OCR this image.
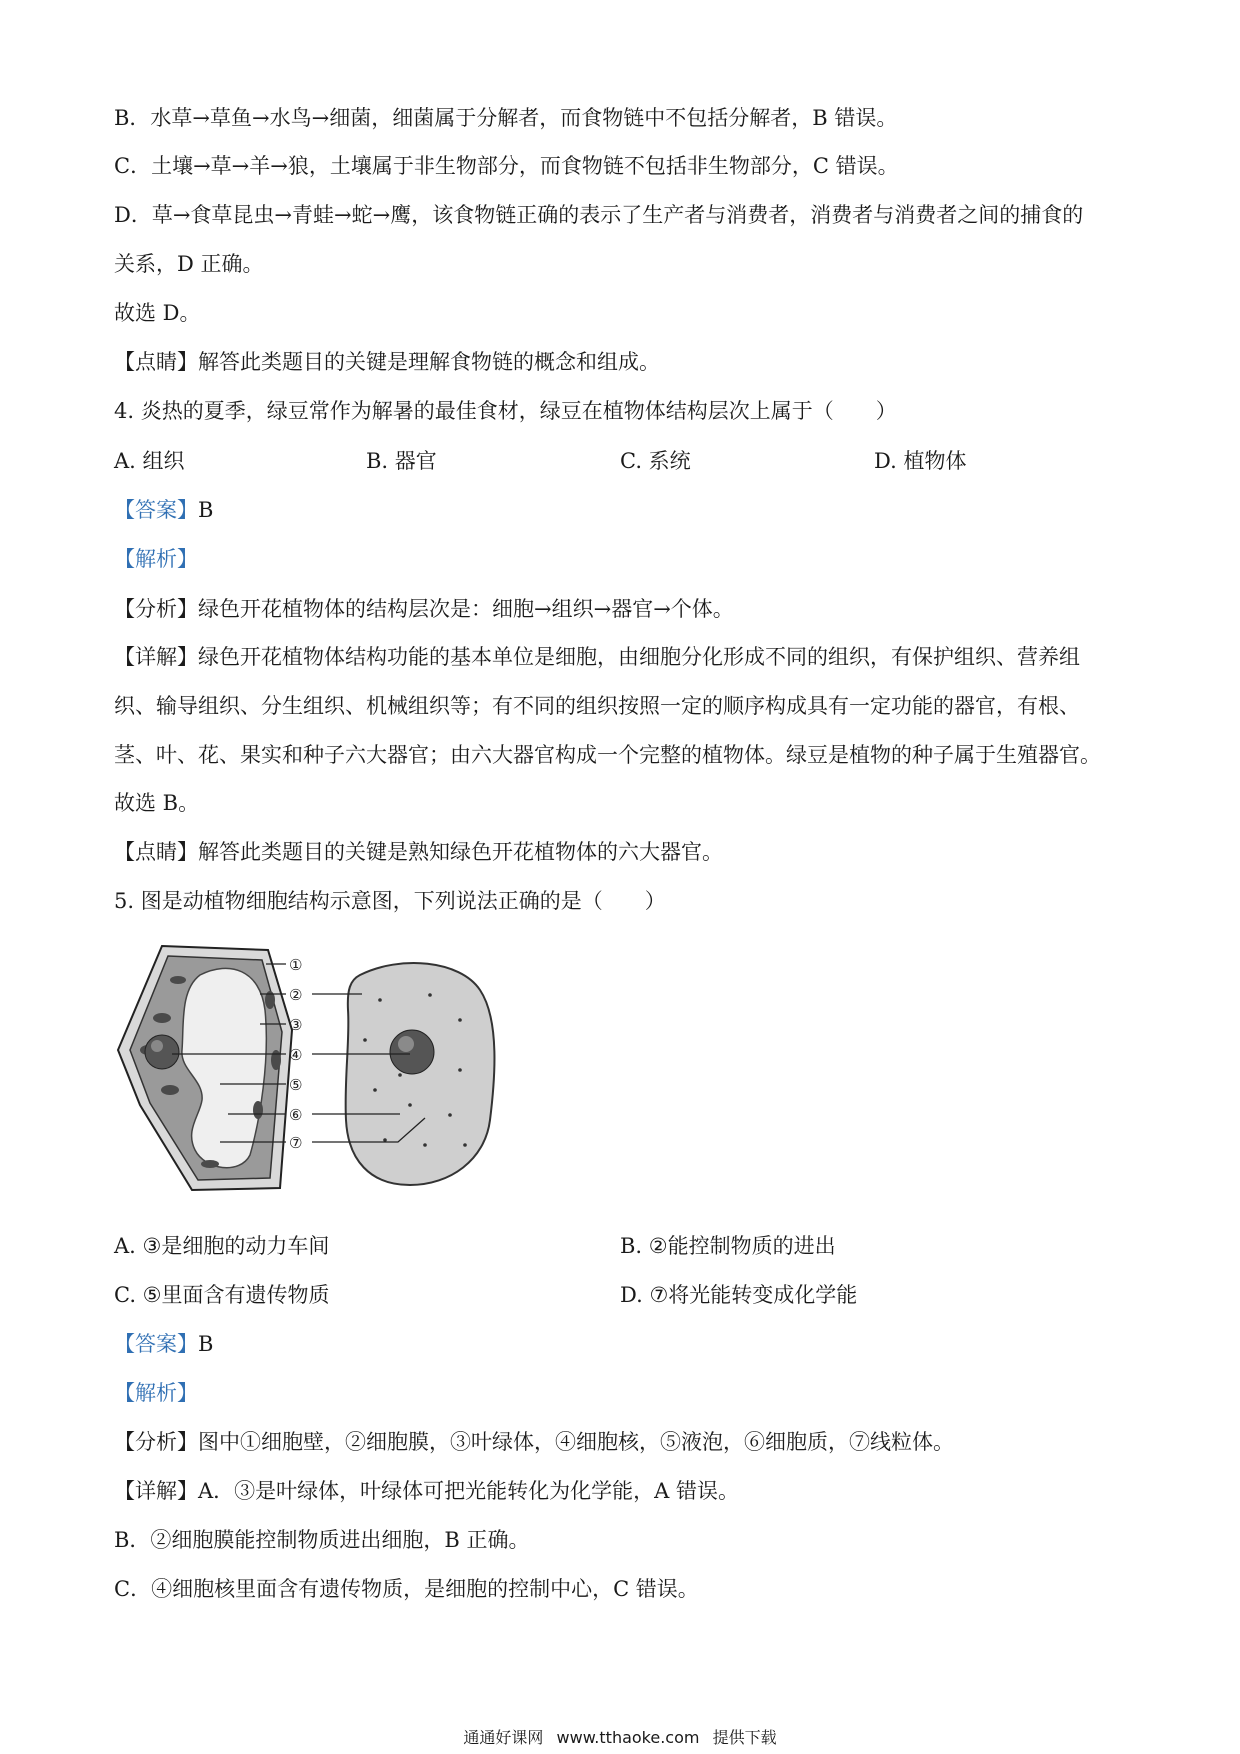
B．水草→草鱼→水鸟→细菌，细菌属于分解者，而食物链中不包括分解者，B 错误。
C．土壤→草→羊→狼，土壤属于非生物部分，而食物链不包括非生物部分，C 错误。
D．草→食草昆虫→青蛙→蛇→鹰，该食物链正确的表示了生产者与消费者，消费者与消费者之间的捕食的
关系，D 正确。
故选 D。
【点睛】解答此类题目的关键是理解食物链的概念和组成。
4. 炎热的夏季，绿豆常作为解暑的最佳食材，绿豆在植物体结构层次上属于（　　）
A. 组织	B. 器官	C. 系统	D. 植物体
【答案】B
【解析】
【分析】绿色开花植物体的结构层次是：细胞→组织→器官→个体。
【详解】绿色开花植物体结构功能的基本单位是细胞，由细胞分化形成不同的组织，有保护组织、营养组
织、输导组织、分生组织、机械组织等；有不同的组织按照一定的顺序构成具有一定功能的器官，有根、
茎、叶、花、果实和种子六大器官；由六大器官构成一个完整的植物体。绿豆是植物的种子属于生殖器官。
故选 B。
【点睛】解答此类题目的关键是熟知绿色开花植物体的六大器官。
5. 图是动植物细胞结构示意图，下列说法正确的是（　　）
①
②
③
④
⑤
⑥
⑦
A. ③是细胞的动力车间	B. ②能控制物质的进出
C. ⑤里面含有遗传物质	D. ⑦将光能转变成化学能
【答案】B
【解析】
【分析】图中①细胞壁，②细胞膜，③叶绿体，④细胞核，⑤液泡，⑥细胞质，⑦线粒体。
【详解】A．③是叶绿体，叶绿体可把光能转化为化学能，A 错误。
B．②细胞膜能控制物质进出细胞，B 正确。
C．④细胞核里面含有遗传物质，是细胞的控制中心，C 错误。
通通好课网 www.tthaoke.com 提供下载
